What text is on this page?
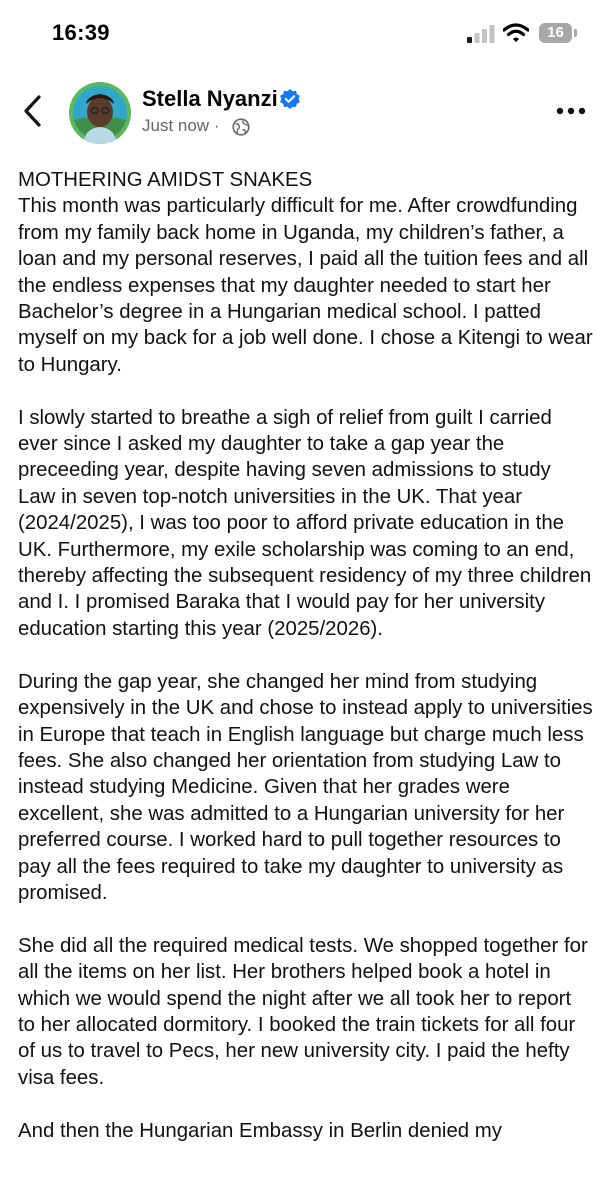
16:39	16
Stella Nyanzi
Just now ·
MOTHERING AMIDST SNAKES

This month was particularly difficult for me. After crowdfunding from my family back home in Uganda, my children’s father, a loan and my personal reserves, I paid all the tuition fees and all the endless expenses that my daughter needed to start her Bachelor’s degree in a Hungarian medical school. I patted myself on my back for a job well done. I chose a Kitengi to wear to Hungary.

I slowly started to breathe a sigh of relief from guilt I carried ever since I asked my daughter to take a gap year the preceeding year, despite having seven admissions to study Law in seven top-notch universities in the UK. That year (2024/2025), I was too poor to afford private education in the UK. Furthermore, my exile scholarship was coming to an end, thereby affecting the subsequent residency of my three children and I. I promised Baraka that I would pay for her university education starting this year (2025/2026).

During the gap year, she changed her mind from studying expensively in the UK and chose to instead apply to universities in Europe that teach in English language but charge much less fees. She also changed her orientation from studying Law to instead studying Medicine. Given that her grades were excellent, she was admitted to a Hungarian university for her preferred course. I worked hard to pull together resources to pay all the fees required to take my daughter to university as promised.

She did all the required medical tests. We shopped together for all the items on her list. Her brothers helped book a hotel in which we would spend the night after we all took her to report to her allocated dormitory. I booked the train tickets for all four of us to travel to Pecs, her new university city. I paid the hefty visa fees.

And then the Hungarian Embassy in Berlin denied my
